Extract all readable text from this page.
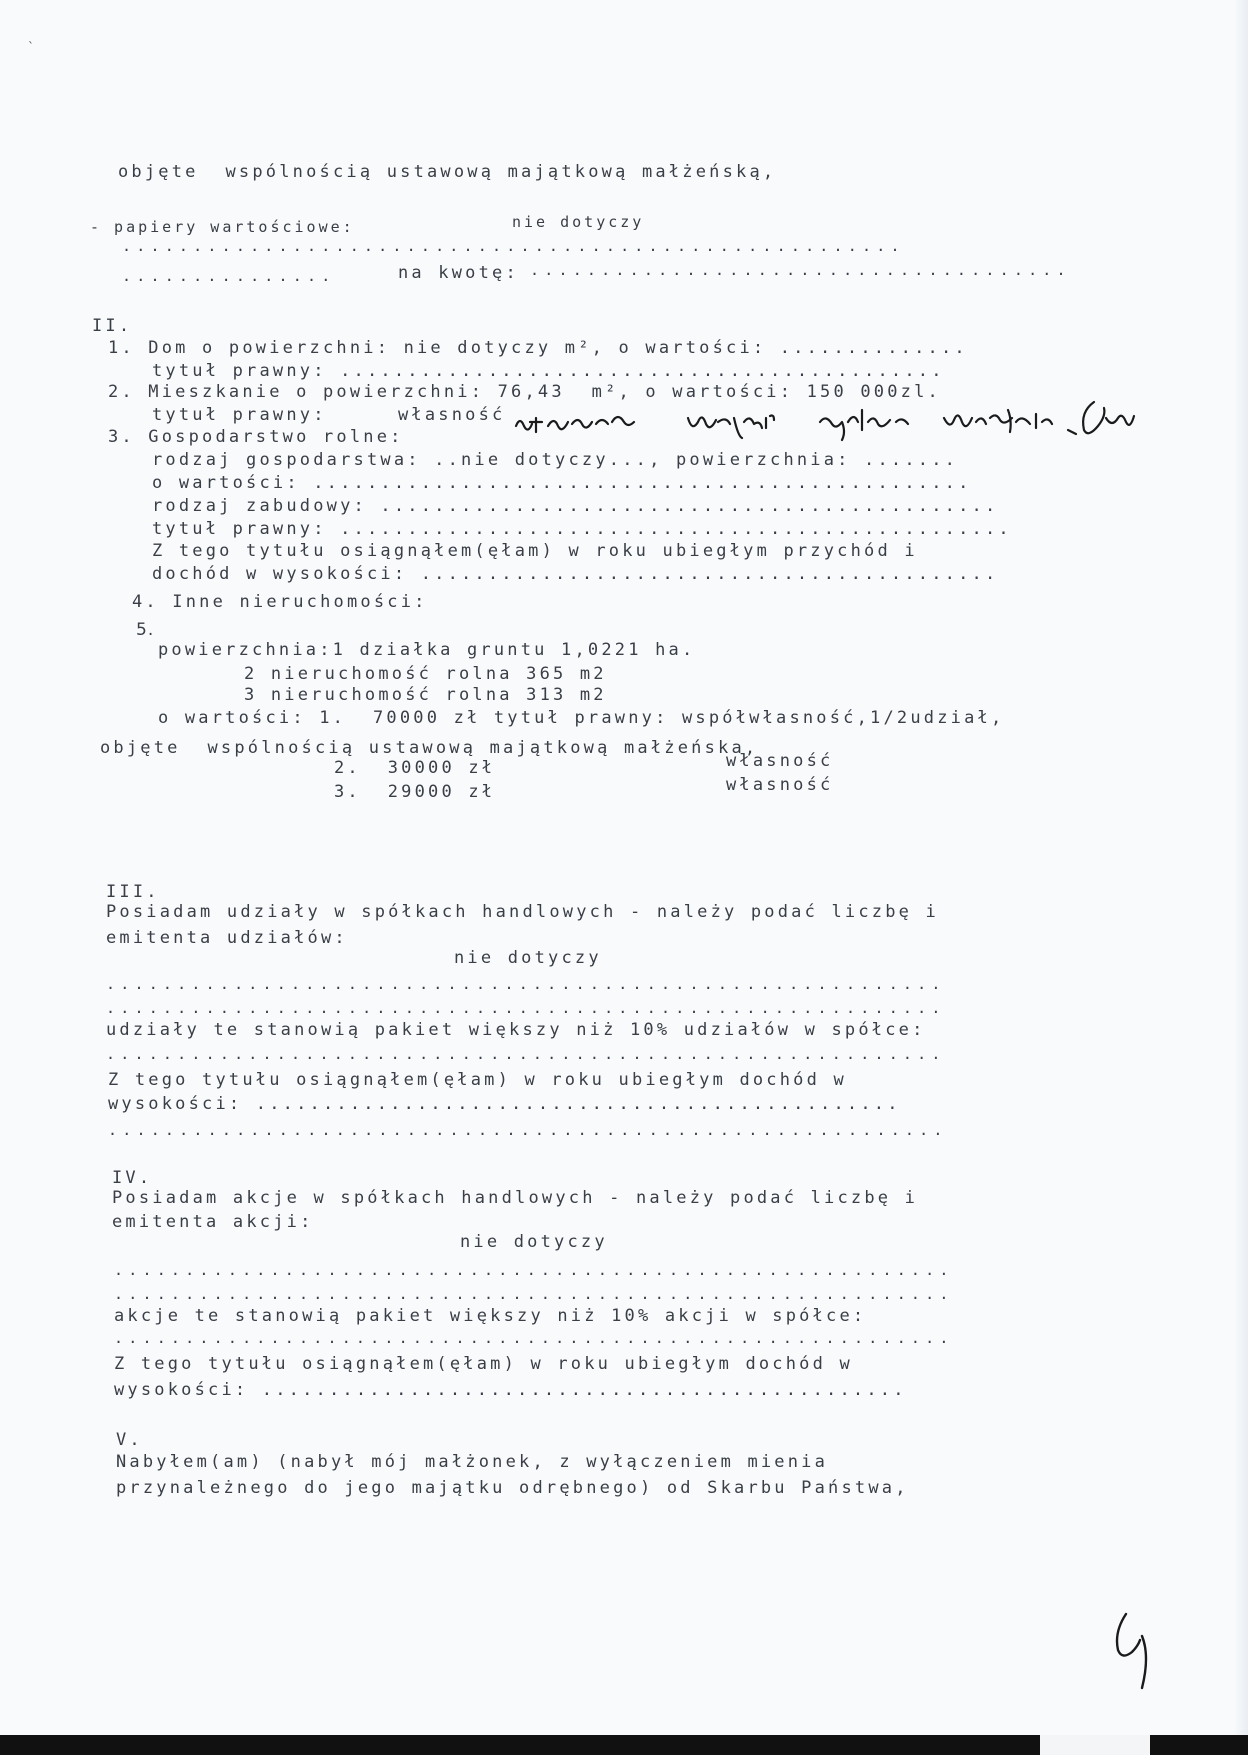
`
objęte  wspólnością ustawową majątkową małżeńską,
- papiery wartościowe:	nie dotyczy
.......................................................
...............	na kwotę: ......................................
II.
1. Dom o powierzchni: nie dotyczy m², o wartości: ..............
tytuł prawny: .............................................
2. Mieszkanie o powierzchni: 76,43  m², o wartości: 150 000zl.
tytuł prawny:	własność
3. Gospodarstwo rolne:
rodzaj gospodarstwa: ..nie dotyczy..., powierzchnia: .......
o wartości: .................................................
rodzaj zabudowy: ..............................................
tytuł prawny: ..................................................
Z tego tytułu osiągnąłem(ęłam) w roku ubiegłym przychód i
dochód w wysokości: ...........................................
4. Inne nieruchomości:
5.
powierzchnia:1 działka gruntu 1,0221 ha.
2 nieruchomość rolna 365 m2
3 nieruchomość rolna 313 m2
o wartości: 1.  70000 zł tytuł prawny: współwłasność,1/2udział,
objęte  wspólnością ustawową majątkową małżeńska,
2.  30000 zł	własność
3.  29000 zł	własność
III.
Posiadam udziały w spółkach handlowych - należy podać liczbę i
emitenta udziałów:
nie dotyczy
...........................................................
...........................................................
udziały te stanowią pakiet większy niż 10% udziałów w spółce:
...........................................................
Z tego tytułu osiągnąłem(ęłam) w roku ubiegłym dochód w
wysokości: ................................................
...........................................................
IV.
Posiadam akcje w spółkach handlowych - należy podać liczbę i
emitenta akcji:
nie dotyczy
...........................................................
...........................................................
akcje te stanowią pakiet większy niż 10% akcji w spółce:
...........................................................
Z tego tytułu osiągnąłem(ęłam) w roku ubiegłym dochód w
wysokości: ................................................
V.
Nabyłem(am) (nabył mój małżonek, z wyłączeniem mienia
przynależnego do jego majątku odrębnego) od Skarbu Państwa,
